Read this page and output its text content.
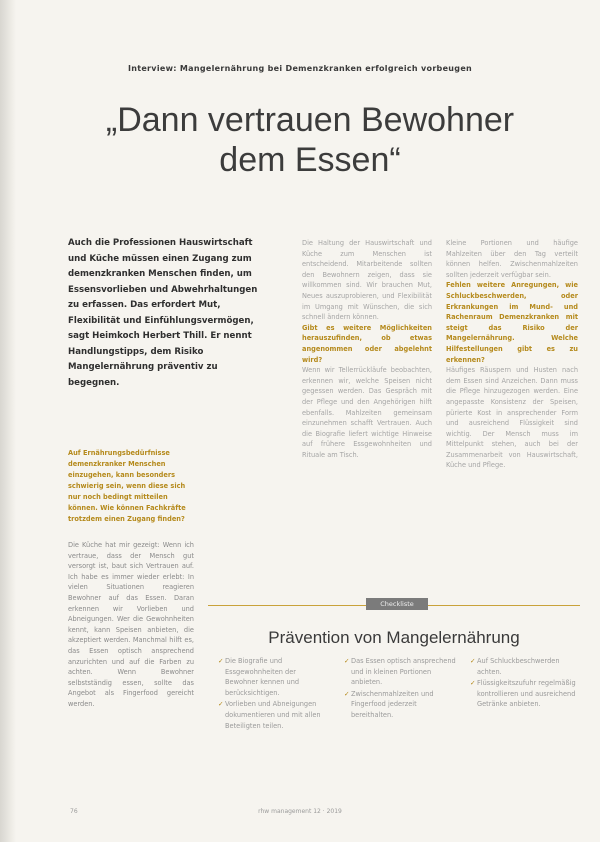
Interview: Mangelernährung bei Demenzkranken erfolgreich vorbeugen
„Dann vertrauen Bewohner
dem Essen“
Auch die Professionen Hauswirtschaft und Küche müssen einen Zugang zum demenzkranken Menschen finden, um Essensvorlieben und Abwehrhaltungen zu erfassen. Das erfordert Mut, Flexibilität und Einfühlungsvermögen, sagt Heimkoch Herbert Thill. Er nennt Handlungstipps, dem Risiko Mangelernährung präventiv zu begegnen.
Auf Ernährungsbedürfnisse demenzkranker Menschen einzugehen, kann besonders schwierig sein, wenn diese sich nur noch bedingt mitteilen können. Wie können Fachkräfte trotzdem einen Zugang finden?

Die Küche hat mir gezeigt: Wenn ich vertraue, dass der Mensch gut versorgt ist, baut sich Vertrauen auf. Ich habe es immer wieder erlebt: In vielen Situationen reagieren Bewohner auf das Essen. Daran erkennen wir Vorlieben und Abneigungen. Wer die Gewohnheiten kennt, kann Speisen anbieten, die akzeptiert werden. Manchmal hilft es, das Essen optisch ansprechend anzurichten und auf die Farben zu achten. Wenn Bewohner selbstständig essen, sollte das Angebot als Fingerfood gereicht werden.

Die Haltung der Hauswirtschaft und Küche zum Menschen ist entscheidend. Mitarbeitende sollten den Bewohnern zeigen, dass sie willkommen sind. Wir brauchen Mut, Neues auszuprobieren, und Flexibilität im Umgang mit Wünschen, die sich schnell ändern können.

Gibt es weitere Möglichkeiten herauszufinden, ob etwas angenommen oder abgelehnt wird?

Wenn wir Tellerrückläufe beobachten, erkennen wir, welche Speisen nicht gegessen werden. Das Gespräch mit der Pflege und den Angehörigen hilft ebenfalls. Mahlzeiten gemeinsam einzunehmen schafft Vertrauen. Auch die Biografie liefert wichtige Hinweise auf frühere Essgewohnheiten und Rituale am Tisch.

Kleine Portionen und häufige Mahlzeiten über den Tag verteilt können helfen. Zwischenmahlzeiten sollten jederzeit verfügbar sein.

Fehlen weitere Anregungen, wie Schluckbeschwerden, oder Erkrankungen im Mund- und Rachenraum Demenzkranken mit steigt das Risiko der Mangelernährung. Welche Hilfestellungen gibt es zu erkennen?

Häufiges Räuspern und Husten nach dem Essen sind Anzeichen. Dann muss die Pflege hinzugezogen werden. Eine angepasste Konsistenz der Speisen, pürierte Kost in ansprechender Form und ausreichend Flüssigkeit sind wichtig. Der Mensch muss im Mittelpunkt stehen, auch bei der Zusammenarbeit von Hauswirtschaft, Küche und Pflege.

Checkliste
Prävention von Mangelernährung

✓ Die Biografie und Essgewohnheiten der Bewohner kennen und berücksichtigen.

✓ Vorlieben und Abneigungen dokumentieren und mit allen Beteiligten teilen.

✓ Das Essen optisch ansprechend und in kleinen Portionen anbieten.

✓ Zwischenmahlzeiten und Fingerfood jederzeit bereithalten.

✓ Auf Schluckbeschwerden achten.

✓ Flüssigkeitszufuhr regelmäßig kontrollieren und ausreichend Getränke anbieten.

76	rhw management 12 · 2019
